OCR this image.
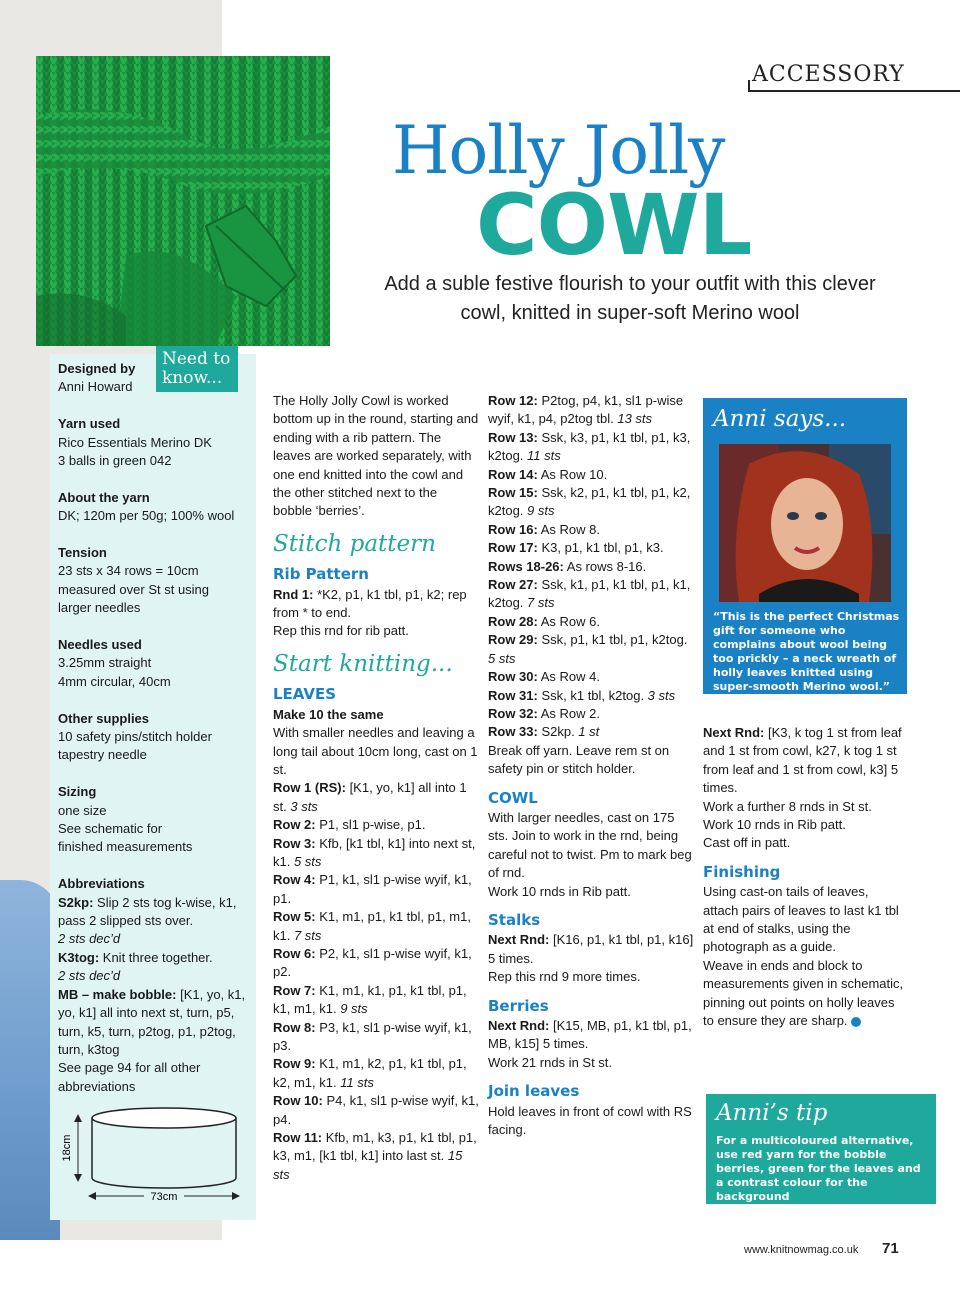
ACCESSORY
Holly Jolly
COWL
Add a suble festive flourish to your outfit with this clever cowl, knitted in super-soft Merino wool
Designed by
Anni Howard
Yarn used
Rico Essentials Merino DK
3 balls in green 042
About the yarn
DK; 120m per 50g; 100% wool
Tension
23 sts x 34 rows = 10cm
measured over St st using
larger needles
Needles used
3.25mm straight
4mm circular, 40cm
Other supplies
10 safety pins/stitch holder
tapestry needle
Sizing
one size
See schematic for
finished measurements
Abbreviations
S2kp: Slip 2 sts tog k-wise, k1, pass 2 slipped sts over.
2 sts dec’d
K3tog: Knit three together.
2 sts dec’d
MB – make bobble: [K1, yo, k1, yo, k1] all into next st, turn, p5, turn, k5, turn, p2tog, p1, p2tog, turn, k3tog
See page 94 for all other abbreviations
Need to know...
18cm
73cm

The Holly Jolly Cowl is worked bottom up in the round, starting and ending with a rib pattern. The leaves are worked separately, with one end knitted into the cowl and the other stitched next to the bobble ‘berries’.

Stitch pattern
Rib Pattern

Rnd 1: *K2, p1, k1 tbl, p1, k2; rep from * to end.

Rep this rnd for rib patt.

Start knitting...
LEAVES

Make 10 the same

With smaller needles and leaving a long tail about 10cm long, cast on 1 st.

Row 1 (RS): [K1, yo, k1] all into 1 st. 3 sts

Row 2: P1, sl1 p-wise, p1.

Row 3: Kfb, [k1 tbl, k1] into next st, k1. 5 sts

Row 4: P1, k1, sl1 p-wise wyif, k1, p1.

Row 5: K1, m1, p1, k1 tbl, p1, m1, k1. 7 sts

Row 6: P2, k1, sl1 p-wise wyif, k1, p2.

Row 7: K1, m1, k1, p1, k1 tbl, p1, k1, m1, k1. 9 sts

Row 8: P3, k1, sl1 p-wise wyif, k1, p3.

Row 9: K1, m1, k2, p1, k1 tbl, p1, k2, m1, k1. 11 sts

Row 10: P4, k1, sl1 p-wise wyif, k1, p4.

Row 11: Kfb, m1, k3, p1, k1 tbl, p1, k3, m1, [k1 tbl, k1] into last st. 15 sts

Row 12: P2tog, p4, k1, sl1 p-wise wyif, k1, p4, p2tog tbl. 13 sts

Row 13: Ssk, k3, p1, k1 tbl, p1, k3, k2tog. 11 sts

Row 14: As Row 10.

Row 15: Ssk, k2, p1, k1 tbl, p1, k2, k2tog. 9 sts

Row 16: As Row 8.

Row 17: K3, p1, k1 tbl, p1, k3.

Rows 18-26: As rows 8-16.

Row 27: Ssk, k1, p1, k1 tbl, p1, k1, k2tog. 7 sts

Row 28: As Row 6.

Row 29: Ssk, p1, k1 tbl, p1, k2tog. 5 sts

Row 30: As Row 4.

Row 31: Ssk, k1 tbl, k2tog. 3 sts

Row 32: As Row 2.

Row 33: S2kp. 1 st

Break off yarn. Leave rem st on safety pin or stitch holder.

COWL

With larger needles, cast on 175 sts. Join to work in the rnd, being careful not to twist. Pm to mark beg of rnd.

Work 10 rnds in Rib patt.

Stalks

Next Rnd: [K16, p1, k1 tbl, p1, k16] 5 times.

Rep this rnd 9 more times.

Berries

Next Rnd: [K15, MB, p1, k1 tbl, p1, MB, k15] 5 times.

Work 21 rnds in St st.

Join leaves

Hold leaves in front of cowl with RS facing.

Anni says...
“This is the perfect Christmas gift for someone who complains about wool being too prickly – a neck wreath of holly leaves knitted using super-smooth Merino wool.”

Next Rnd: [K3, k tog 1 st from leaf and 1 st from cowl, k27, k tog 1 st from leaf and 1 st from cowl, k3] 5 times.

Work a further 8 rnds in St st.

Work 10 rnds in Rib patt.

Cast off in patt.

Finishing

Using cast-on tails of leaves, attach pairs of leaves to last k1 tbl at end of stalks, using the photograph as a guide.

Weave in ends and block to measurements given in schematic, pinning out points on holly leaves to ensure they are sharp.

Anni’s tip
For a multicoloured alternative, use red yarn for the bobble berries, green for the leaves and a contrast colour for the background
www.knitnowmag.co.uk 71
